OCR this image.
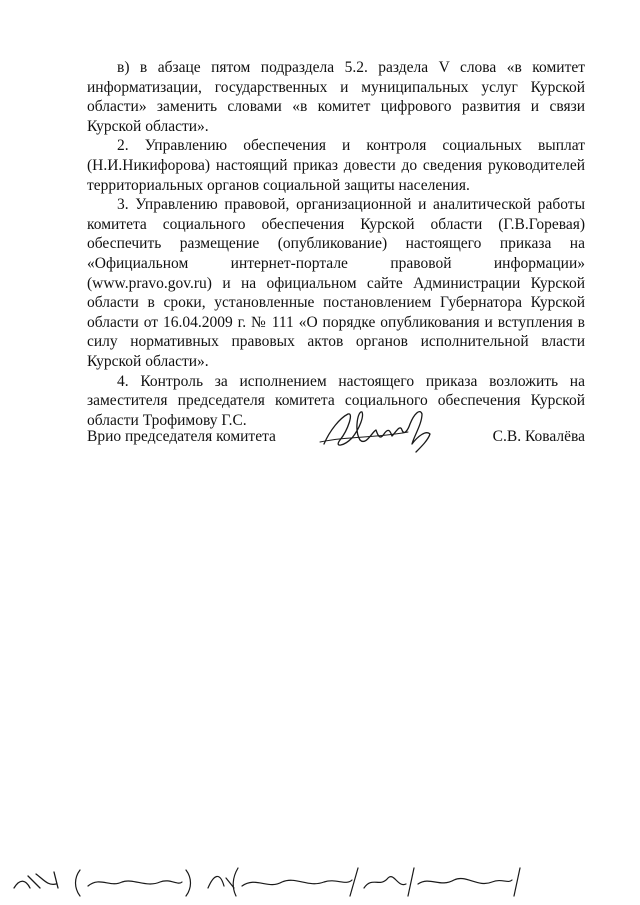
в) в абзаце пятом подраздела 5.2. раздела V слова «в комитет информатизации, государственных и муниципальных услуг Курской области» заменить словами «в комитет цифрового развития и связи Курской области».

2. Управлению обеспечения и контроля социальных выплат (Н.И.Никифорова) настоящий приказ довести до сведения руководителей территориальных органов социальной защиты населения.

3. Управлению правовой, организационной и аналитической работы комитета социального обеспечения Курской области (Г.В.Горевая) обеспечить размещение (опубликование) настоящего приказа на «Официальном интернет-портале правовой информации» (www.pravo.gov.ru) и на официальном сайте Администрации Курской области в сроки, установленные постановлением Губернатора Курской области от 16.04.2009 г. № 111 «О порядке опубликования и вступления в силу нормативных правовых актов органов исполнительной власти Курской области».

4. Контроль за исполнением настоящего приказа возложить на заместителя председателя комитета социального обеспечения Курской области Трофимову Г.С.

Врио председателя комитета	С.В. Ковалёва
